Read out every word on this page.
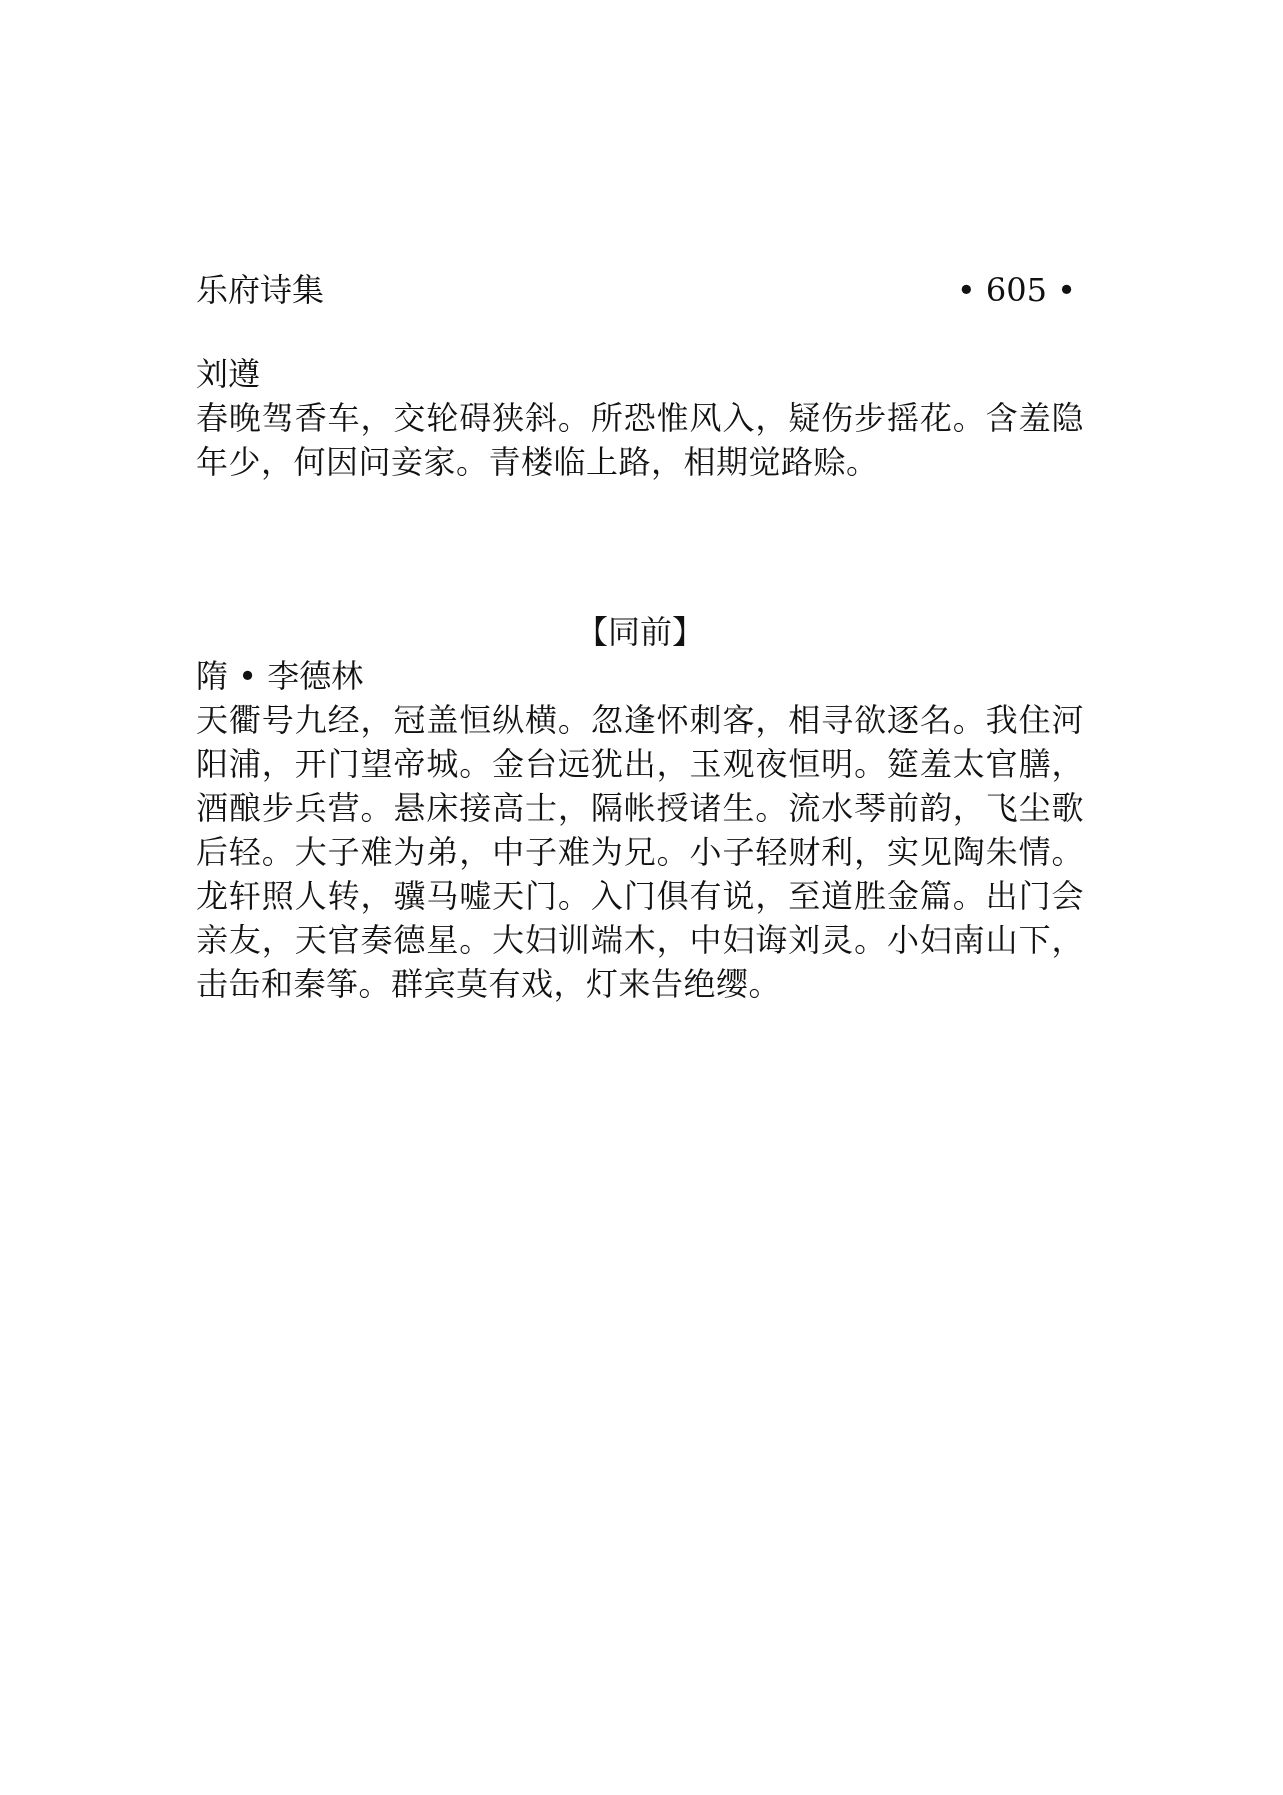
乐府诗集	• 605 •
刘遵
春晚驾香车，交轮碍狭斜。所恐惟风入，疑伤步摇花。含羞隐年少，何因问妾家。青楼临上路，相期觉路赊。
【同前】
隋 • 李德林
天衢号九经，冠盖恒纵横。忽逢怀刺客，相寻欲逐名。我住河阳浦，开门望帝城。金台远犹出，玉观夜恒明。筵羞太官膳，酒酿步兵营。悬床接高士，隔帐授诸生。流水琴前韵，飞尘歌后轻。大子难为弟，中子难为兄。小子轻财利，实见陶朱情。龙轩照人转，骥马嘘天门。入门俱有说，至道胜金篇。出门会亲友，天官奏德星。大妇训端木，中妇诲刘灵。小妇南山下，击缶和秦筝。群宾莫有戏，灯来告绝缨。
